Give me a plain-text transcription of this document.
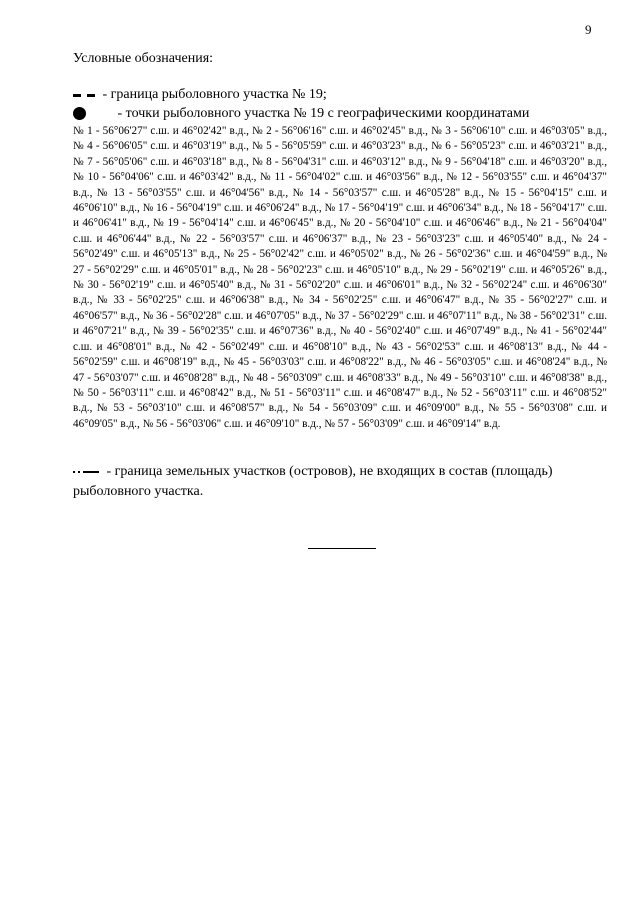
9
Условные обозначения:
- граница рыболовного участка № 19;
- точки рыболовного участка № 19 с географическими координатами
№ 1 - 56°06'27" с.ш. и 46°02'42" в.д., № 2 - 56°06'16" с.ш. и 46°02'45" в.д., № 3 - 56°06'10" с.ш. и 46°03'05" в.д., № 4 - 56°06'05" с.ш. и 46°03'19" в.д., № 5 - 56°05'59" с.ш. и 46°03'23" в.д., № 6 - 56°05'23" с.ш. и 46°03'21" в.д., № 7 - 56°05'06" с.ш. и 46°03'18" в.д., № 8 - 56°04'31" с.ш. и 46°03'12" в.д., № 9 - 56°04'18" с.ш. и 46°03'20" в.д., № 10 - 56°04'06" с.ш. и 46°03'42" в.д., № 11 - 56°04'02" с.ш. и 46°03'56" в.д., № 12 - 56°03'55" с.ш. и 46°04'37" в.д., № 13 - 56°03'55" с.ш. и 46°04'56" в.д., № 14 - 56°03'57" с.ш. и 46°05'28" в.д., № 15 - 56°04'15" с.ш. и 46°06'10" в.д., № 16 - 56°04'19" с.ш. и 46°06'24" в.д., № 17 - 56°04'19" с.ш. и 46°06'34" в.д., № 18 - 56°04'17" с.ш. и 46°06'41" в.д., № 19 - 56°04'14" с.ш. и 46°06'45" в.д., № 20 - 56°04'10" с.ш. и 46°06'46" в.д., № 21 - 56°04'04" с.ш. и 46°06'44" в.д., № 22 - 56°03'57" с.ш. и 46°06'37" в.д., № 23 - 56°03'23" с.ш. и 46°05'40" в.д., № 24 - 56°02'49" с.ш. и 46°05'13" в.д., № 25 - 56°02'42" с.ш. и 46°05'02" в.д., № 26 - 56°02'36" с.ш. и 46°04'59" в.д., № 27 - 56°02'29" с.ш. и 46°05'01" в.д., № 28 - 56°02'23" с.ш. и 46°05'10" в.д., № 29 - 56°02'19" с.ш. и 46°05'26" в.д., № 30 - 56°02'19" с.ш. и 46°05'40" в.д., № 31 - 56°02'20" с.ш. и 46°06'01" в.д., № 32 - 56°02'24" с.ш. и 46°06'30" в.д., № 33 - 56°02'25" с.ш. и 46°06'38" в.д., № 34 - 56°02'25" с.ш. и 46°06'47" в.д., № 35 - 56°02'27" с.ш. и 46°06'57" в.д., № 36 - 56°02'28" с.ш. и 46°07'05" в.д., № 37 - 56°02'29" с.ш. и 46°07'11" в.д., № 38 - 56°02'31" с.ш. и 46°07'21" в.д., № 39 - 56°02'35" с.ш. и 46°07'36" в.д., № 40 - 56°02'40" с.ш. и 46°07'49" в.д., № 41 - 56°02'44" с.ш. и 46°08'01" в.д., № 42 - 56°02'49" с.ш. и 46°08'10" в.д., № 43 - 56°02'53" с.ш. и 46°08'13" в.д., № 44 - 56°02'59" с.ш. и 46°08'19" в.д., № 45 - 56°03'03" с.ш. и 46°08'22" в.д., № 46 - 56°03'05" с.ш. и 46°08'24" в.д., № 47 - 56°03'07" с.ш. и 46°08'28" в.д., № 48 - 56°03'09" с.ш. и 46°08'33" в.д., № 49 - 56°03'10" с.ш. и 46°08'38" в.д., № 50 - 56°03'11" с.ш. и 46°08'42" в.д., № 51 - 56°03'11" с.ш. и 46°08'47" в.д., № 52 - 56°03'11" с.ш. и 46°08'52" в.д., № 53 - 56°03'10" с.ш. и 46°08'57" в.д., № 54 - 56°03'09" с.ш. и 46°09'00" в.д., № 55 - 56°03'08" с.ш. и 46°09'05" в.д., № 56 - 56°03'06" с.ш. и 46°09'10" в.д., № 57 - 56°03'09" с.ш. и 46°09'14" в.д.
- граница земельных участков (островов), не входящих в состав (площадь) рыболовного участка.
